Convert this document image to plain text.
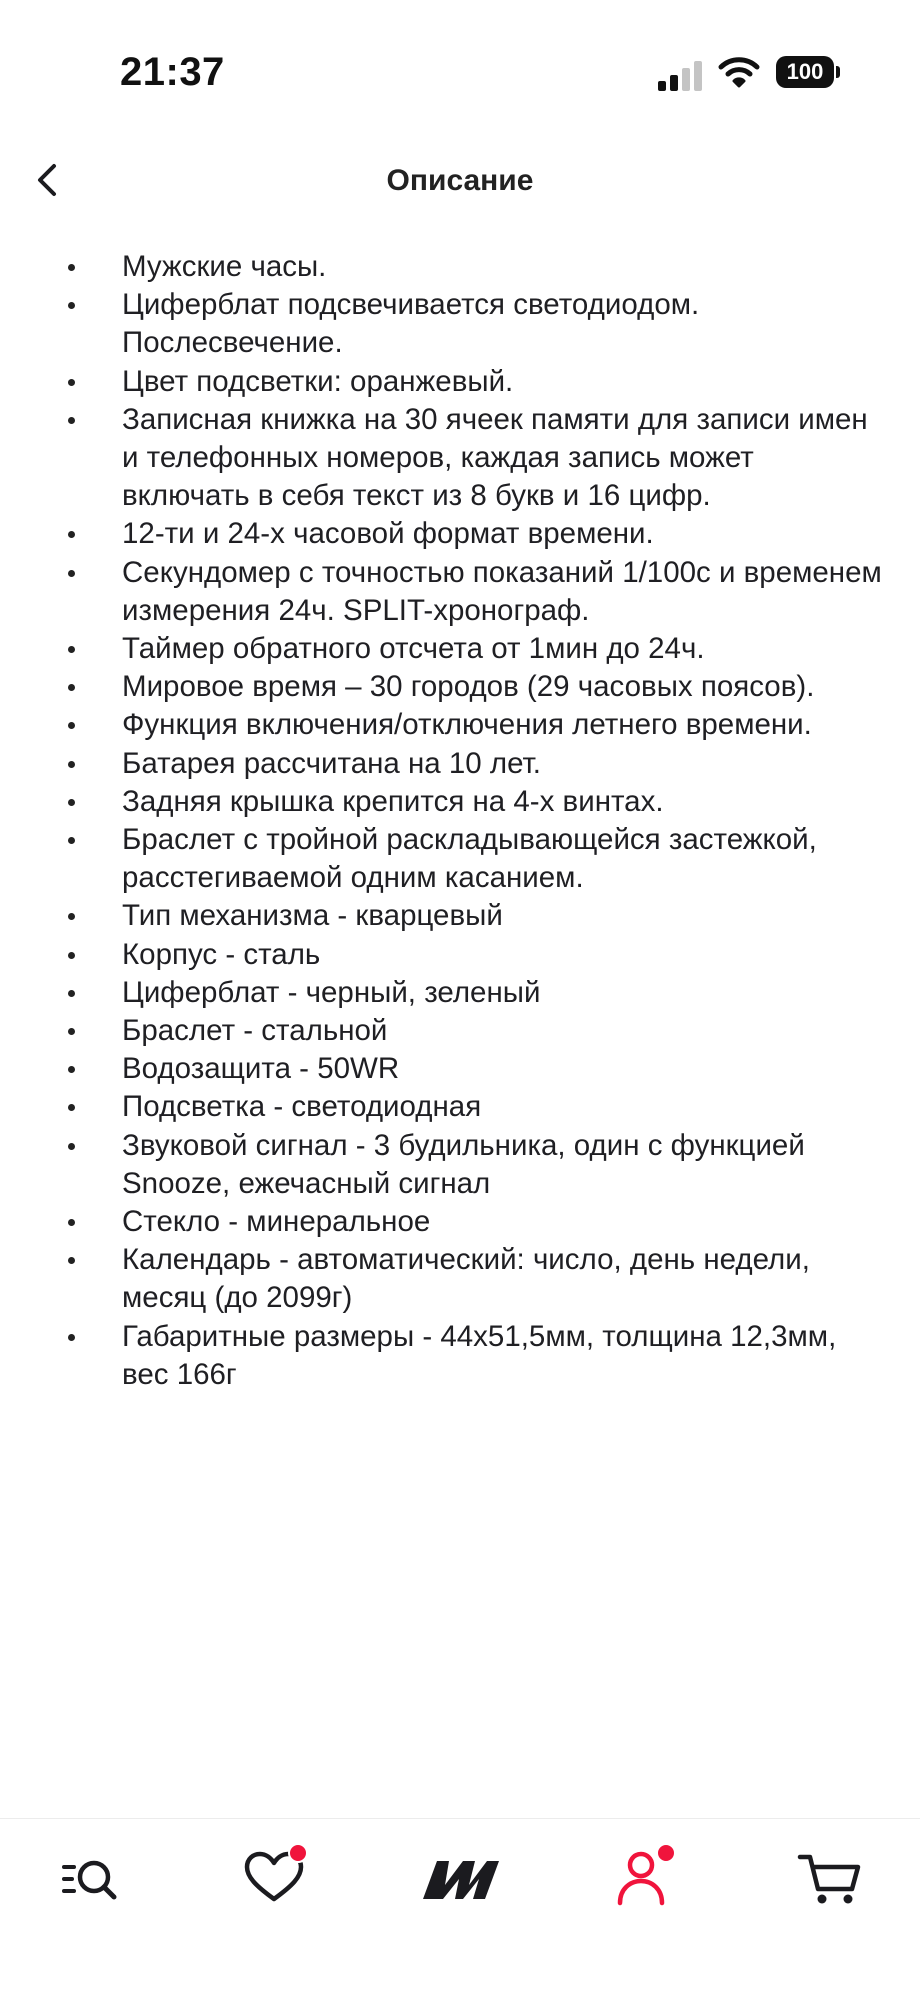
21:37	100
Описание
Мужские часы.
Циферблат подсвечивается светодиодом. Послесвечение.
Цвет подсветки: оранжевый.
Записная книжка на 30 ячеек памяти для записи имен и телефонных номеров, каждая запись может включать в себя текст из 8 букв и 16 цифр.
12-ти и 24-х часовой формат времени.
Секундомер с точностью показаний 1/100с и временем измерения 24ч. SPLIT-хронограф.
Таймер обратного отсчета от 1мин до 24ч.
Мировое время – 30 городов (29 часовых поясов).
Функция включения/отключения летнего времени.
Батарея рассчитана на 10 лет.
Задняя крышка крепится на 4-х винтах.
Браслет с тройной раскладывающейся застежкой, расстегиваемой одним касанием.
Тип механизма - кварцевый
Корпус - сталь
Циферблат - черный, зеленый
Браслет - стальной
Водозащита - 50WR
Подсветка - светодиодная
Звуковой сигнал - 3 будильника, один с функцией Snooze, ежечасный сигнал
Стекло - минеральное
Календарь - автоматический: число, день недели, месяц (до 2099г)
Габаритные размеры - 44х51,5мм, толщина 12,3мм, вес 166г
